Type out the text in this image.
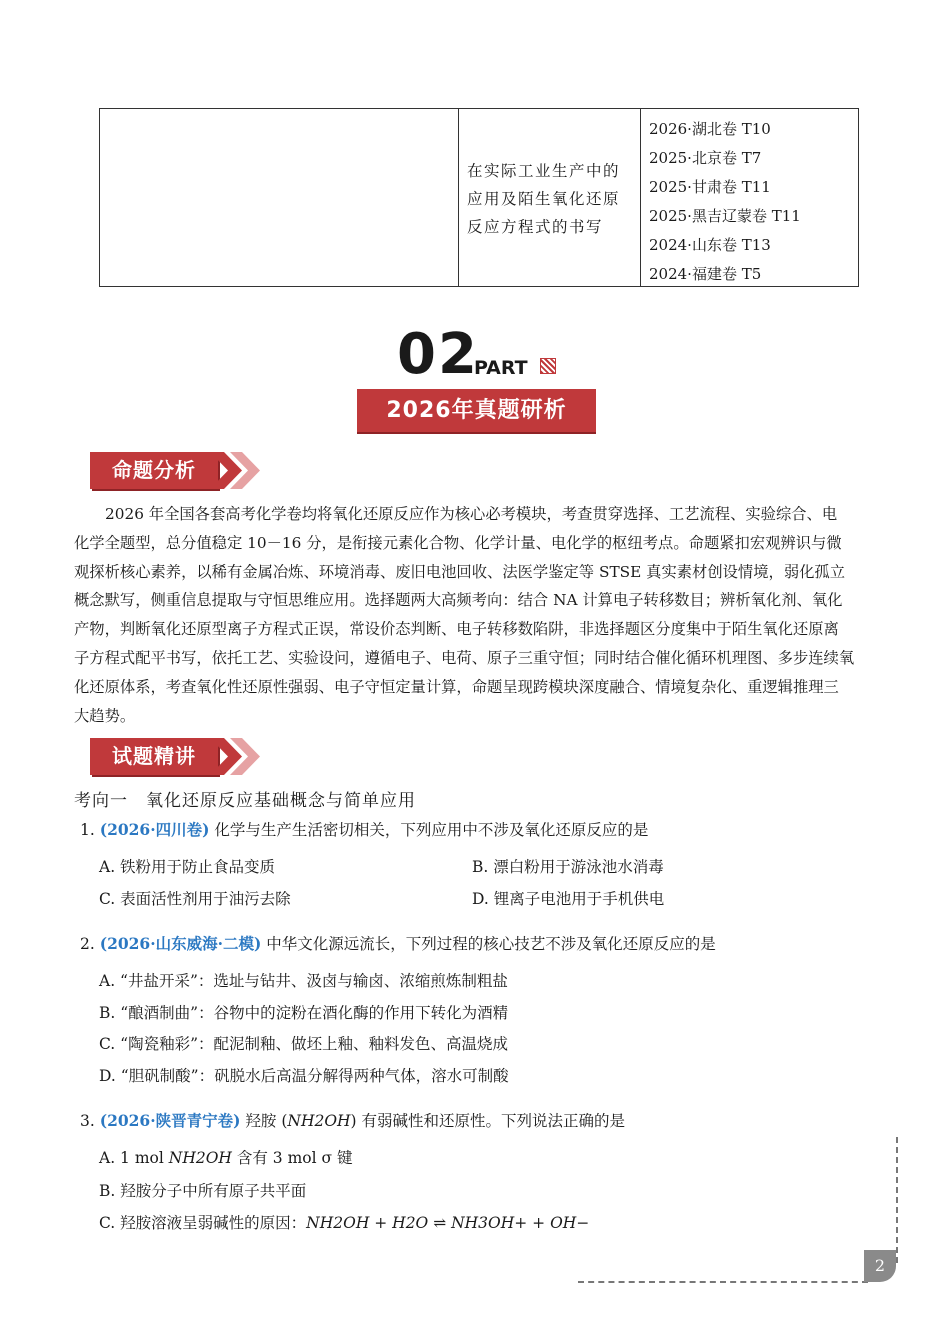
在实际工业生产中的
应用及陌生氧化还原
反应方程式的书写
2026·湖北卷 T10
2025·北京卷 T7
2025·甘肃卷 T11
2025·黑吉辽蒙卷 T11
2024·山东卷 T13
2024·福建卷 T5
02
PART
2026年真题研析
命题分析
2026 年全国各套高考化学卷均将氧化还原反应作为核心必考模块，考查贯穿选择、工艺流程、实验综合、电
化学全题型，总分值稳定 10－16 分，是衔接元素化合物、化学计量、电化学的枢纽考点。命题紧扣宏观辨识与微
观探析核心素养，以稀有金属冶炼、环境消毒、废旧电池回收、法医学鉴定等 STSE 真实素材创设情境，弱化孤立
概念默写，侧重信息提取与守恒思维应用。选择题两大高频考向：结合 NA 计算电子转移数目；辨析氧化剂、氧化
产物，判断氧化还原型离子方程式正误，常设价态判断、电子转移数陷阱，非选择题区分度集中于陌生氧化还原离
子方程式配平书写，依托工艺、实验设问，遵循电子、电荷、原子三重守恒；同时结合催化循环机理图、多步连续氧
化还原体系，考查氧化性还原性强弱、电子守恒定量计算，命题呈现跨模块深度融合、情境复杂化、重逻辑推理三
大趋势。
试题精讲
考向一　氧化还原反应基础概念与简单应用
1. (2026·四川卷) 化学与生产生活密切相关，下列应用中不涉及氧化还原反应的是
A. 铁粉用于防止食品变质	B. 漂白粉用于游泳池水消毒
C. 表面活性剂用于油污去除	D. 锂离子电池用于手机供电
2. (2026·山东威海·二模) 中华文化源远流长，下列过程的核心技艺不涉及氧化还原反应的是
A. “井盐开采”：选址与钻井、汲卤与输卤、浓缩煎炼制粗盐
B. “酿酒制曲”：谷物中的淀粉在酒化酶的作用下转化为酒精
C. “陶瓷釉彩”：配泥制釉、做坯上釉、釉料发色、高温烧成
D. “胆矾制酸”：矾脱水后高温分解得两种气体，溶水可制酸
3. (2026·陕晋青宁卷) 羟胺 (NH2OH) 有弱碱性和还原性。下列说法正确的是
A. 1 mol NH2OH 含有 3 mol σ 键
B. 羟胺分子中所有原子共平面
C. 羟胺溶液呈弱碱性的原因：NH2OH + H2O ⇌ NH3OH+ + OH−
2
